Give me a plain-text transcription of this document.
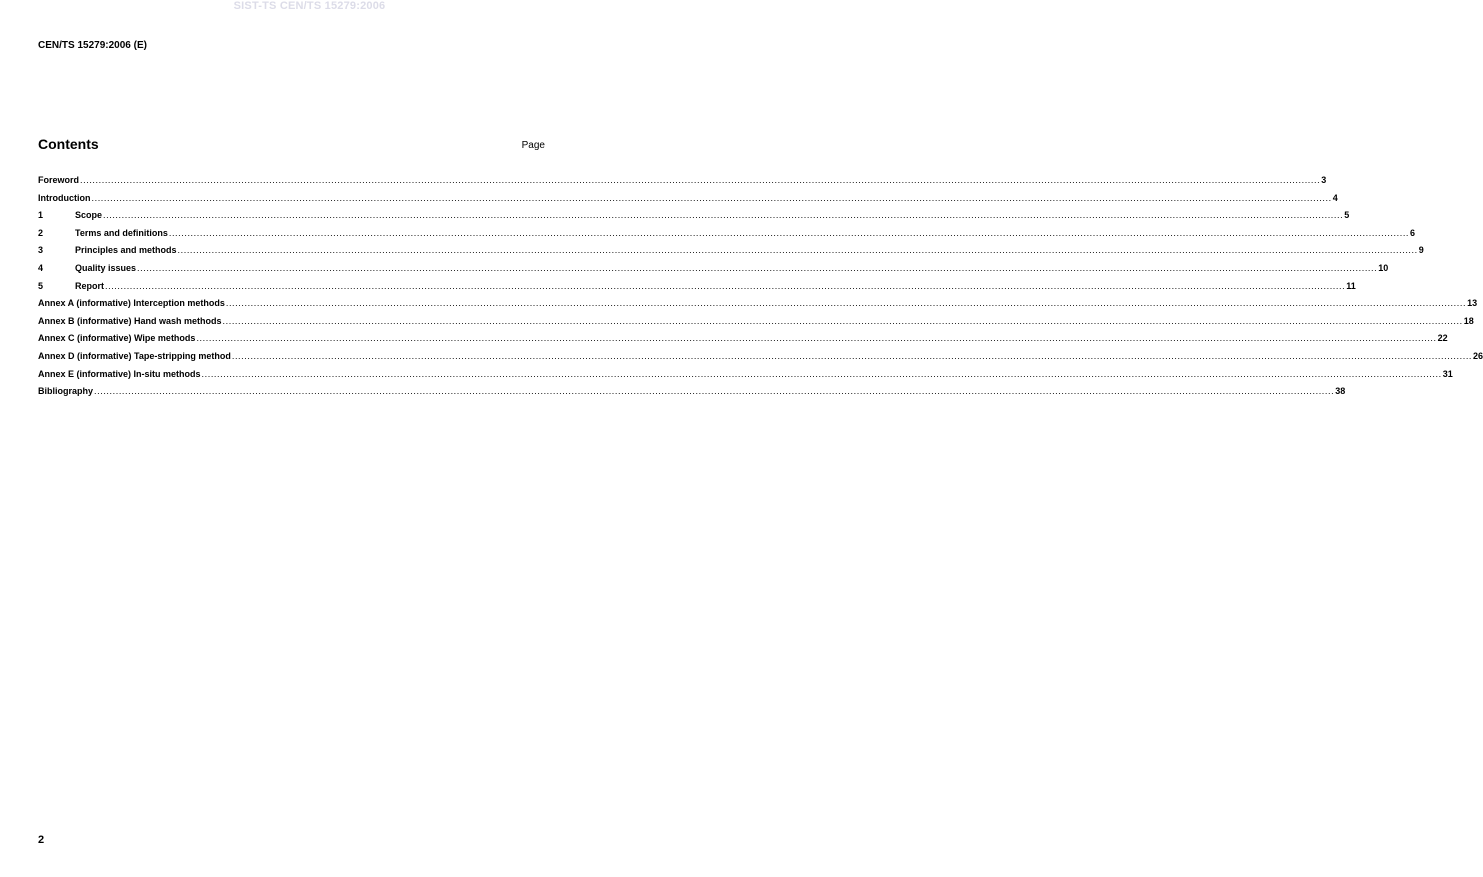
SIST-TS CEN/TS 15279:2006
CEN/TS 15279:2006 (E)
Contents	Page
Foreword ................................................................................................................................................................................................................................................................................................................................................................................................................ 3
Introduction ................................................................................................................................................................................................................................................................................................................................................................................................................ 4
1	Scope ................................................................................................................................................................................................................................................................................................................................................................................................................ 5
2	Terms and definitions ................................................................................................................................................................................................................................................................................................................................................................................................................ 6
3	Principles and methods ................................................................................................................................................................................................................................................................................................................................................................................................................ 9
4	Quality issues ................................................................................................................................................................................................................................................................................................................................................................................................................ 10
5	Report ................................................................................................................................................................................................................................................................................................................................................................................................................ 11
Annex A (informative) Interception methods ................................................................................................................................................................................................................................................................................................................................................................................................................ 13
Annex B (informative) Hand wash methods ................................................................................................................................................................................................................................................................................................................................................................................................................ 18
Annex C (informative) Wipe methods ................................................................................................................................................................................................................................................................................................................................................................................................................ 22
Annex D (informative) Tape-stripping method ................................................................................................................................................................................................................................................................................................................................................................................................................ 26
Annex E (informative) In-situ methods ................................................................................................................................................................................................................................................................................................................................................................................................................ 31
Bibliography ................................................................................................................................................................................................................................................................................................................................................................................................................ 38
2
